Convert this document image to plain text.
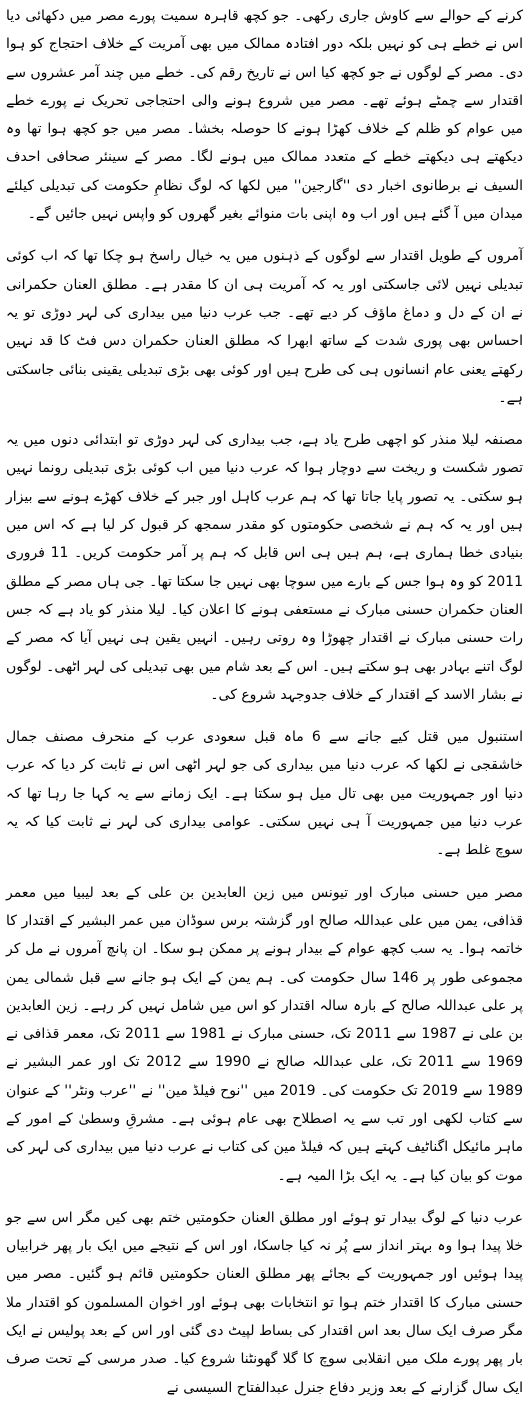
کرنے کے حوالے سے کاوش جاری رکھی۔ جو کچھ قاہرہ سمیت پورے مصر میں دکھائی دیا اس نے خطے ہی کو نہیں بلکہ دور افتادہ ممالک میں بھی آمریت کے خلاف احتجاج کو ہوا دی۔ مصر کے لوگوں نے جو کچھ کیا اس نے تاریخ رقم کی۔ خطے میں چند آمر عشروں سے اقتدار سے چمٹے ہوئے تھے۔ مصر میں شروع ہونے والی احتجاجی تحریک نے پورے خطے میں عوام کو ظلم کے خلاف کھڑا ہونے کا حوصلہ بخشا۔ مصر میں جو کچھ ہوا تھا وہ دیکھتے ہی دیکھتے خطے کے متعدد ممالک میں ہونے لگا۔ مصر کے سینئر صحافی احدف السیف نے برطانوی اخبار دی ''گارجین'' میں لکھا کہ لوگ نظامِ حکومت کی تبدیلی کیلئے میدان میں آ گئے ہیں اور اب وہ اپنی بات منوائے بغیر گھروں کو واپس نہیں جائیں گے۔

آمروں کے طویل اقتدار سے لوگوں کے ذہنوں میں یہ خیال راسخ ہو چکا تھا کہ اب کوئی تبدیلی نہیں لائی جاسکتی اور یہ کہ آمریت ہی ان کا مقدر ہے۔ مطلق العنان حکمرانی نے ان کے دل و دماغ ماؤف کر دیے تھے۔ جب عرب دنیا میں بیداری کی لہر دوڑی تو یہ احساس بھی پوری شدت کے ساتھ ابھرا کہ مطلق العنان حکمران دس فٹ کا قد نہیں رکھتے یعنی عام انسانوں ہی کی طرح ہیں اور کوئی بھی بڑی تبدیلی یقینی بنائی جاسکتی ہے۔

مصنفہ لیلا منذر کو اچھی طرح یاد ہے، جب بیداری کی لہر دوڑی تو ابتدائی دنوں میں یہ تصور شکست و ریخت سے دوچار ہوا کہ عرب دنیا میں اب کوئی بڑی تبدیلی رونما نہیں ہو سکتی۔ یہ تصور پایا جاتا تھا کہ ہم عرب کاہل اور جبر کے خلاف کھڑے ہونے سے بیزار ہیں اور یہ کہ ہم نے شخصی حکومتوں کو مقدر سمجھ کر قبول کر لیا ہے کہ اس میں بنیادی خطا ہماری ہے، ہم ہیں ہی اس قابل کہ ہم پر آمر حکومت کریں۔ 11 فروری 2011 کو وہ ہوا جس کے بارے میں سوچا بھی نہیں جا سکتا تھا۔ جی ہاں مصر کے مطلق العنان حکمران حسنی مبارک نے مستعفی ہونے کا اعلان کیا۔ لیلا منذر کو یاد ہے کہ جس رات حسنی مبارک نے اقتدار چھوڑا وہ روتی رہیں۔ انہیں یقین ہی نہیں آیا کہ مصر کے لوگ اتنے بہادر بھی ہو سکتے ہیں۔ اس کے بعد شام میں بھی تبدیلی کی لہر اٹھی۔ لوگوں نے بشار الاسد کے اقتدار کے خلاف جدوجہد شروع کی۔

استنبول میں قتل کیے جانے سے 6 ماہ قبل سعودی عرب کے منحرف مصنف جمال خاشقجی نے لکھا کہ عرب دنیا میں بیداری کی جو لہر اٹھی اس نے ثابت کر دیا کہ عرب دنیا اور جمہوریت میں بھی تال میل ہو سکتا ہے۔ ایک زمانے سے یہ کہا جا رہا تھا کہ عرب دنیا میں جمہوریت آ ہی نہیں سکتی۔ عوامی بیداری کی لہر نے ثابت کیا کہ یہ سوچ غلط ہے۔

مصر میں حسنی مبارک اور تیونس میں زین العابدین بن علی کے بعد لیبیا میں معمر قذافی، یمن میں علی عبداللہ صالح اور گزشتہ برس سوڈان میں عمر البشیر کے اقتدار کا خاتمہ ہوا۔ یہ سب کچھ عوام کے بیدار ہونے پر ممکن ہو سکا۔ ان پانچ آمروں نے مل کر مجموعی طور پر 146 سال حکومت کی۔ ہم یمن کے ایک ہو جانے سے قبل شمالی یمن پر علی عبداللہ صالح کے بارہ سالہ اقتدار کو اس میں شامل نہیں کر رہے۔ زین العابدین بن علی نے 1987 سے 2011 تک، حسنی مبارک نے 1981 سے 2011 تک، معمر قذافی نے 1969 سے 2011 تک، علی عبداللہ صالح نے 1990 سے 2012 تک اور عمر البشیر نے 1989 سے 2019 تک حکومت کی۔ 2019 میں ''نوح فیلڈ مین'' نے ''عرب ونٹر'' کے عنوان سے کتاب لکھی اور تب سے یہ اصطلاح بھی عام ہوئی ہے۔ مشرقِ وسطیٰ کے امور کے ماہر مائیکل اگناٹیف کہتے ہیں کہ فیلڈ مین کی کتاب نے عرب دنیا میں بیداری کی لہر کی موت کو بیان کیا ہے۔ یہ ایک بڑا المیہ ہے۔

عرب دنیا کے لوگ بیدار تو ہوئے اور مطلق العنان حکومتیں ختم بھی کیں مگر اس سے جو خلا پیدا ہوا وہ بہتر انداز سے پُر نہ کیا جاسکا، اور اس کے نتیجے میں ایک بار پھر خرابیاں پیدا ہوئیں اور جمہوریت کے بجائے پھر مطلق العنان حکومتیں قائم ہو گئیں۔ مصر میں حسنی مبارک کا اقتدار ختم ہوا تو انتخابات بھی ہوئے اور اخوان المسلمون کو اقتدار ملا مگر صرف ایک سال بعد اس اقتدار کی بساط لپیٹ دی گئی اور اس کے بعد پولیس نے ایک بار پھر پورے ملک میں انقلابی سوچ کا گلا گھونٹنا شروع کیا۔ صدر مرسی کے تحت صرف ایک سال گزارنے کے بعد وزیر دفاع جنرل عبدالفتاح السیسی نے
